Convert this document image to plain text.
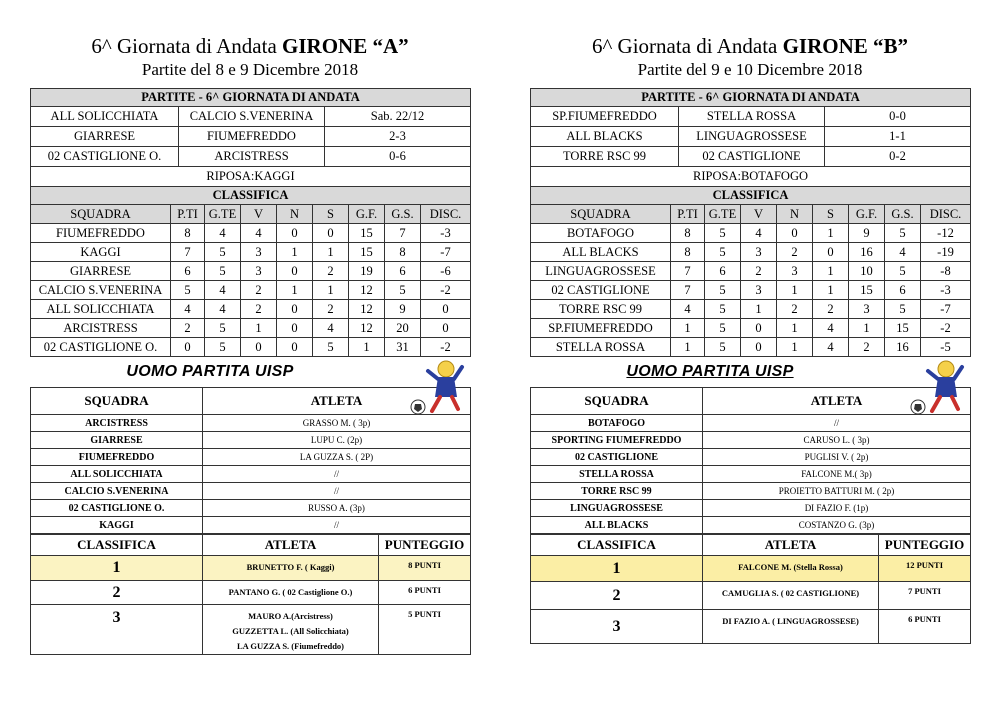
6^ Giornata di Andata GIRONE “A”
Partite del 8 e 9 Dicembre 2018
PARTITE - 6^ GIORNATA DI ANDATA		
ALL SOLICCHIATA	CALCIO S.VENERINA	Sab. 22/12
GIARRESE	FIUMEFREDDO	2-3
02 CASTIGLIONE O.	ARCISTRESS	0-6
RIPOSA:KAGGI		
CLASSIFICA		
SQUADRA	P.TI	G.TE	V	N	S	G.F.	G.S.	DISC.
FIUMEFREDDO	8	4	4	0	0	15	7	-3
KAGGI	7	5	3	1	1	15	8	-7
GIARRESE	6	5	3	0	2	19	6	-6
CALCIO S.VENERINA	5	4	2	1	1	12	5	-2
ALL SOLICCHIATA	4	4	2	0	2	12	9	0
ARCISTRESS	2	5	1	0	4	12	20	0
02 CASTIGLIONE O.	0	5	0	0	5	1	31	-2
UOMO PARTITA UISP
SQUADRA	ATLETA
ARCISTRESS	GRASSO M. ( 3p)
GIARRESE	LUPU C. (2p)
FIUMEFREDDO	LA GUZZA S. ( 2P)
ALL SOLICCHIATA	//
CALCIO S.VENERINA	//
02 CASTIGLIONE O.	RUSSO A. (3p)
KAGGI	//
CLASSIFICA	ATLETA	PUNTEGGIO
1	BRUNETTO F. ( Kaggi)	8 PUNTI
2	PANTANO G. ( 02 Castiglione O.)	6 PUNTI
3	MAURO A.(Arcistress)
GUZZETTA L. (All Solicchiata)
LA GUZZA S. (Fiumefreddo)	5 PUNTI
6^ Giornata di Andata GIRONE “B”
Partite del 9 e 10 Dicembre 2018
PARTITE - 6^ GIORNATA DI ANDATA		
SP.FIUMEFREDDO	STELLA ROSSA	0-0
ALL BLACKS	LINGUAGROSSESE	1-1
TORRE RSC 99	02 CASTIGLIONE	0-2
RIPOSA:BOTAFOGO		
CLASSIFICA		
SQUADRA	P.TI	G.TE	V	N	S	G.F.	G.S.	DISC.
BOTAFOGO	8	5	4	0	1	9	5	-12
ALL BLACKS	8	5	3	2	0	16	4	-19
LINGUAGROSSESE	7	6	2	3	1	10	5	-8
02 CASTIGLIONE	7	5	3	1	1	15	6	-3
TORRE RSC 99	4	5	1	2	2	3	5	-7
SP.FIUMEFREDDO	1	5	0	1	4	1	15	-2
STELLA ROSSA	1	5	0	1	4	2	16	-5
UOMO PARTITA UISP
SQUADRA	ATLETA
BOTAFOGO	//
SPORTING FIUMEFREDDO	CARUSO L. ( 3p)
02 CASTIGLIONE	PUGLISI V. ( 2p)
STELLA ROSSA	FALCONE M.( 3p)
TORRE RSC 99	PROIETTO BATTURI M. ( 2p)
LINGUAGROSSESE	DI FAZIO F. (1p)
ALL BLACKS	COSTANZO G. (3p)
CLASSIFICA	ATLETA	PUNTEGGIO
1	FALCONE M. (Stella Rossa)	12 PUNTI
2	CAMUGLIA S. ( 02 CASTIGLIONE)	7 PUNTI
3	DI FAZIO A. ( LINGUAGROSSESE)	6 PUNTI
